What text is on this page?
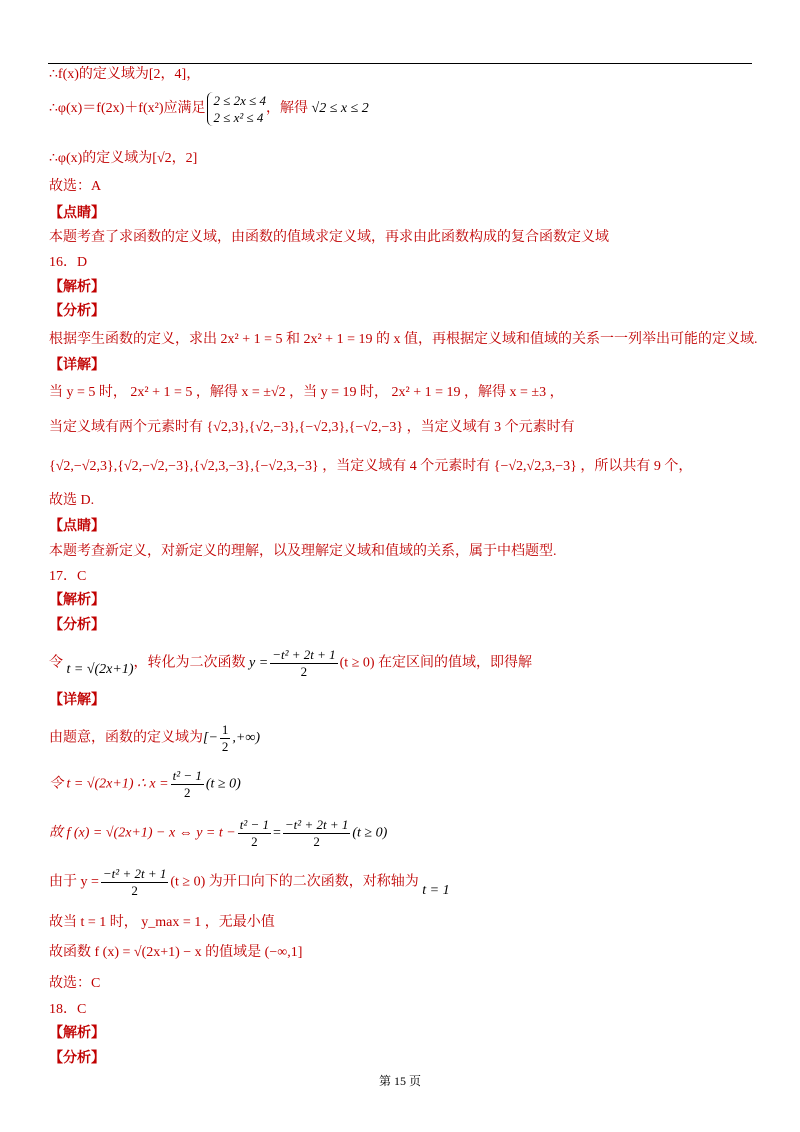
∴f(x)的定义域为[2，4]，
∴φ(x)＝f(2x)＋f(x²)应满足
2 ≤ 2x ≤ 4
2 ≤ x² ≤ 4
，解得 √2 ≤ x ≤ 2
∴φ(x)的定义域为[√2，2]
故选：A
【点睛】
本题考查了求函数的定义域，由函数的值域求定义域，再求由此函数构成的复合函数定义域
16．D
【解析】
【分析】
根据孪生函数的定义，求出 2x² + 1 = 5 和 2x² + 1 = 19 的 x 值，再根据定义域和值域的关系一一列举出可能的定义域.
【详解】
当 y = 5 时， 2x² + 1 = 5 ，解得 x = ±√2 ，当 y = 19 时， 2x² + 1 = 19 ，解得 x = ±3 ，
当定义域有两个元素时有 {√2,3},{√2,−3},{−√2,3},{−√2,−3} ，当定义域有 3 个元素时有
{√2,−√2,3},{√2,−√2,−3},{√2,3,−3},{−√2,3,−3} ，当定义域有 4 个元素时有 {−√2,√2,3,−3} ，所以共有 9 个，
故选 D.
【点睛】
本题考查新定义，对新定义的理解，以及理解定义域和值域的关系，属于中档题型.
17．C
【解析】
【分析】
令 t = √(2x+1)，转化为二次函数 $y = \frac{\text{−t² + 2t + 1}}{2} (t \ge 0)$ 在定区间的值域，即得解
【详解】
由题意，函数的定义域为[− $\frac{1}{2}$ ,+∞)
令 t = √(2x+1) ∴ $x = \frac{\text{t² − 1}}{2} (t \ge 0)$
故 f (x) = √(2x+1) − x ⇔ $y = t - \frac{\text{t² − 1}}{2} = \frac{\text{−t² + 2t + 1}}{2} (t \ge 0)$
由于 $y = \frac{\text{−t² + 2t + 1}}{2} (t \ge 0)$ 为开口向下的二次函数，对称轴为 t = 1
故当 t = 1 时， y_max = 1 ，无最小值
故函数 f (x) = √(2x+1) − x 的值域是 (−∞,1]
故选：C
18．C
【解析】
【分析】
第 15 页
